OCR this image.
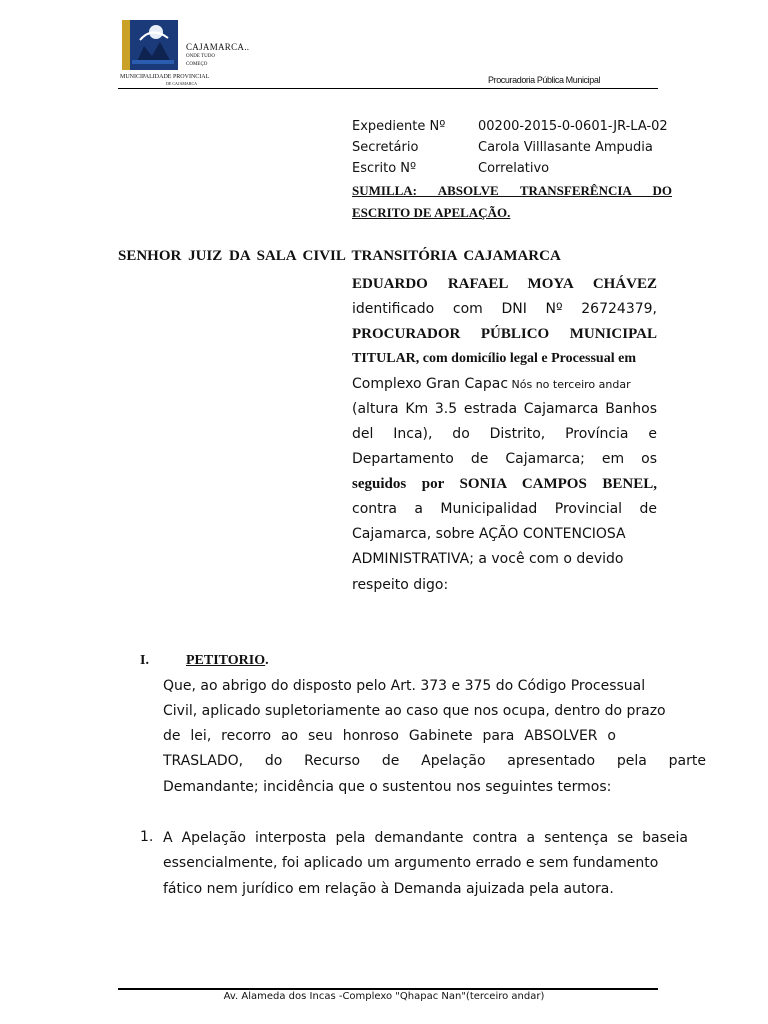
CAJAMARCA..
ONDE TUDO
COMEÇO
MUNICIPALIDADE PROVINCIAL
DE CAJAMARCA	Procuradoria Pública Municipal
Expediente Nº	00200-2015-0-0601-JR-LA-02
Secretário	Carola Villlasante Ampudia
Escrito Nº	Correlativo
SUMILLA: ABSOLVE TRANSFERÊNCIA DO ESCRITO DE APELAÇÃO.
SENHOR JUIZ DA SALA CIVIL TRANSITÓRIA CAJAMARCA
EDUARDO RAFAEL MOYA CHÁVEZ
identificado com DNI Nº 26724379,
PROCURADOR PÚBLICO MUNICIPAL
TITULAR, com domicílio legal e Processual em
Complexo Gran Capac Nós no terceiro andar
(altura Km 3.5 estrada Cajamarca Banhos
del Inca), do Distrito, Província e
Departamento de Cajamarca; em os
seguidos por SONIA CAMPOS BENEL,
contra a Municipalidad Provincial de
Cajamarca, sobre AÇÃO CONTENCIOSA
ADMINISTRATIVA; a você com o devido
respeito digo:
I.	PETITORIO.
Que, ao abrigo do disposto pelo Art. 373 e 375 do Código Processual
Civil, aplicado supletoriamente ao caso que nos ocupa, dentro do prazo
de lei, recorro ao seu honroso Gabinete para ABSOLVER o
TRASLADO, do Recurso de Apelação apresentado pela parte
Demandante; incidência que o sustentou nos seguintes termos:
1. A Apelação interposta pela demandante contra a sentença se baseia
essencialmente, foi aplicado um argumento errado e sem fundamento
fático nem jurídico em relação à Demanda ajuizada pela autora.
Av. Alameda dos Incas -Complexo "Qhapac Nan"(terceiro andar)
